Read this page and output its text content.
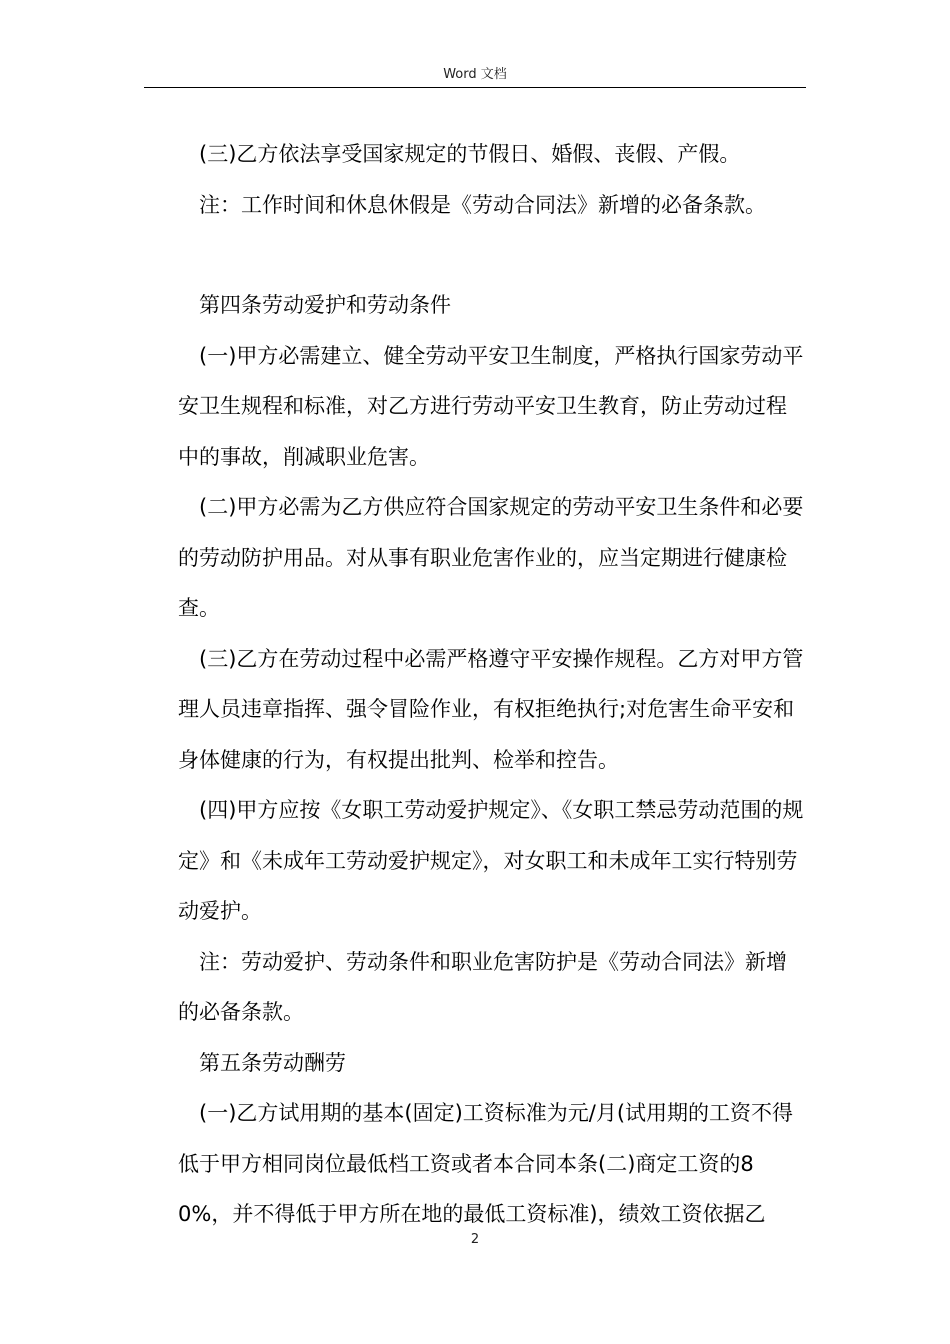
Word 文档

(三)乙方依法享受国家规定的节假日、婚假、丧假、产假。

注：工作时间和休息休假是《劳动合同法》新增的必备条款。

第四条劳动爱护和劳动条件

(一)甲方必需建立、健全劳动平安卫生制度，严格执行国家劳动平安卫生规程和标准，对乙方进行劳动平安卫生教育，防止劳动过程中的事故，削减职业危害。

(二)甲方必需为乙方供应符合国家规定的劳动平安卫生条件和必要的劳动防护用品。对从事有职业危害作业的，应当定期进行健康检查。

(三)乙方在劳动过程中必需严格遵守平安操作规程。乙方对甲方管理人员违章指挥、强令冒险作业，有权拒绝执行;对危害生命平安和身体健康的行为，有权提出批判、检举和控告。

(四)甲方应按《女职工劳动爱护规定》、《女职工禁忌劳动范围的规定》和《未成年工劳动爱护规定》，对女职工和未成年工实行特别劳动爱护。

注：劳动爱护、劳动条件和职业危害防护是《劳动合同法》新增的必备条款。

第五条劳动酬劳

(一)乙方试用期的基本(固定)工资标准为元/月(试用期的工资不得低于甲方相同岗位最低档工资或者本合同本条(二)商定工资的80%，并不得低于甲方所在地的最低工资标准)，绩效工资依据乙

2
